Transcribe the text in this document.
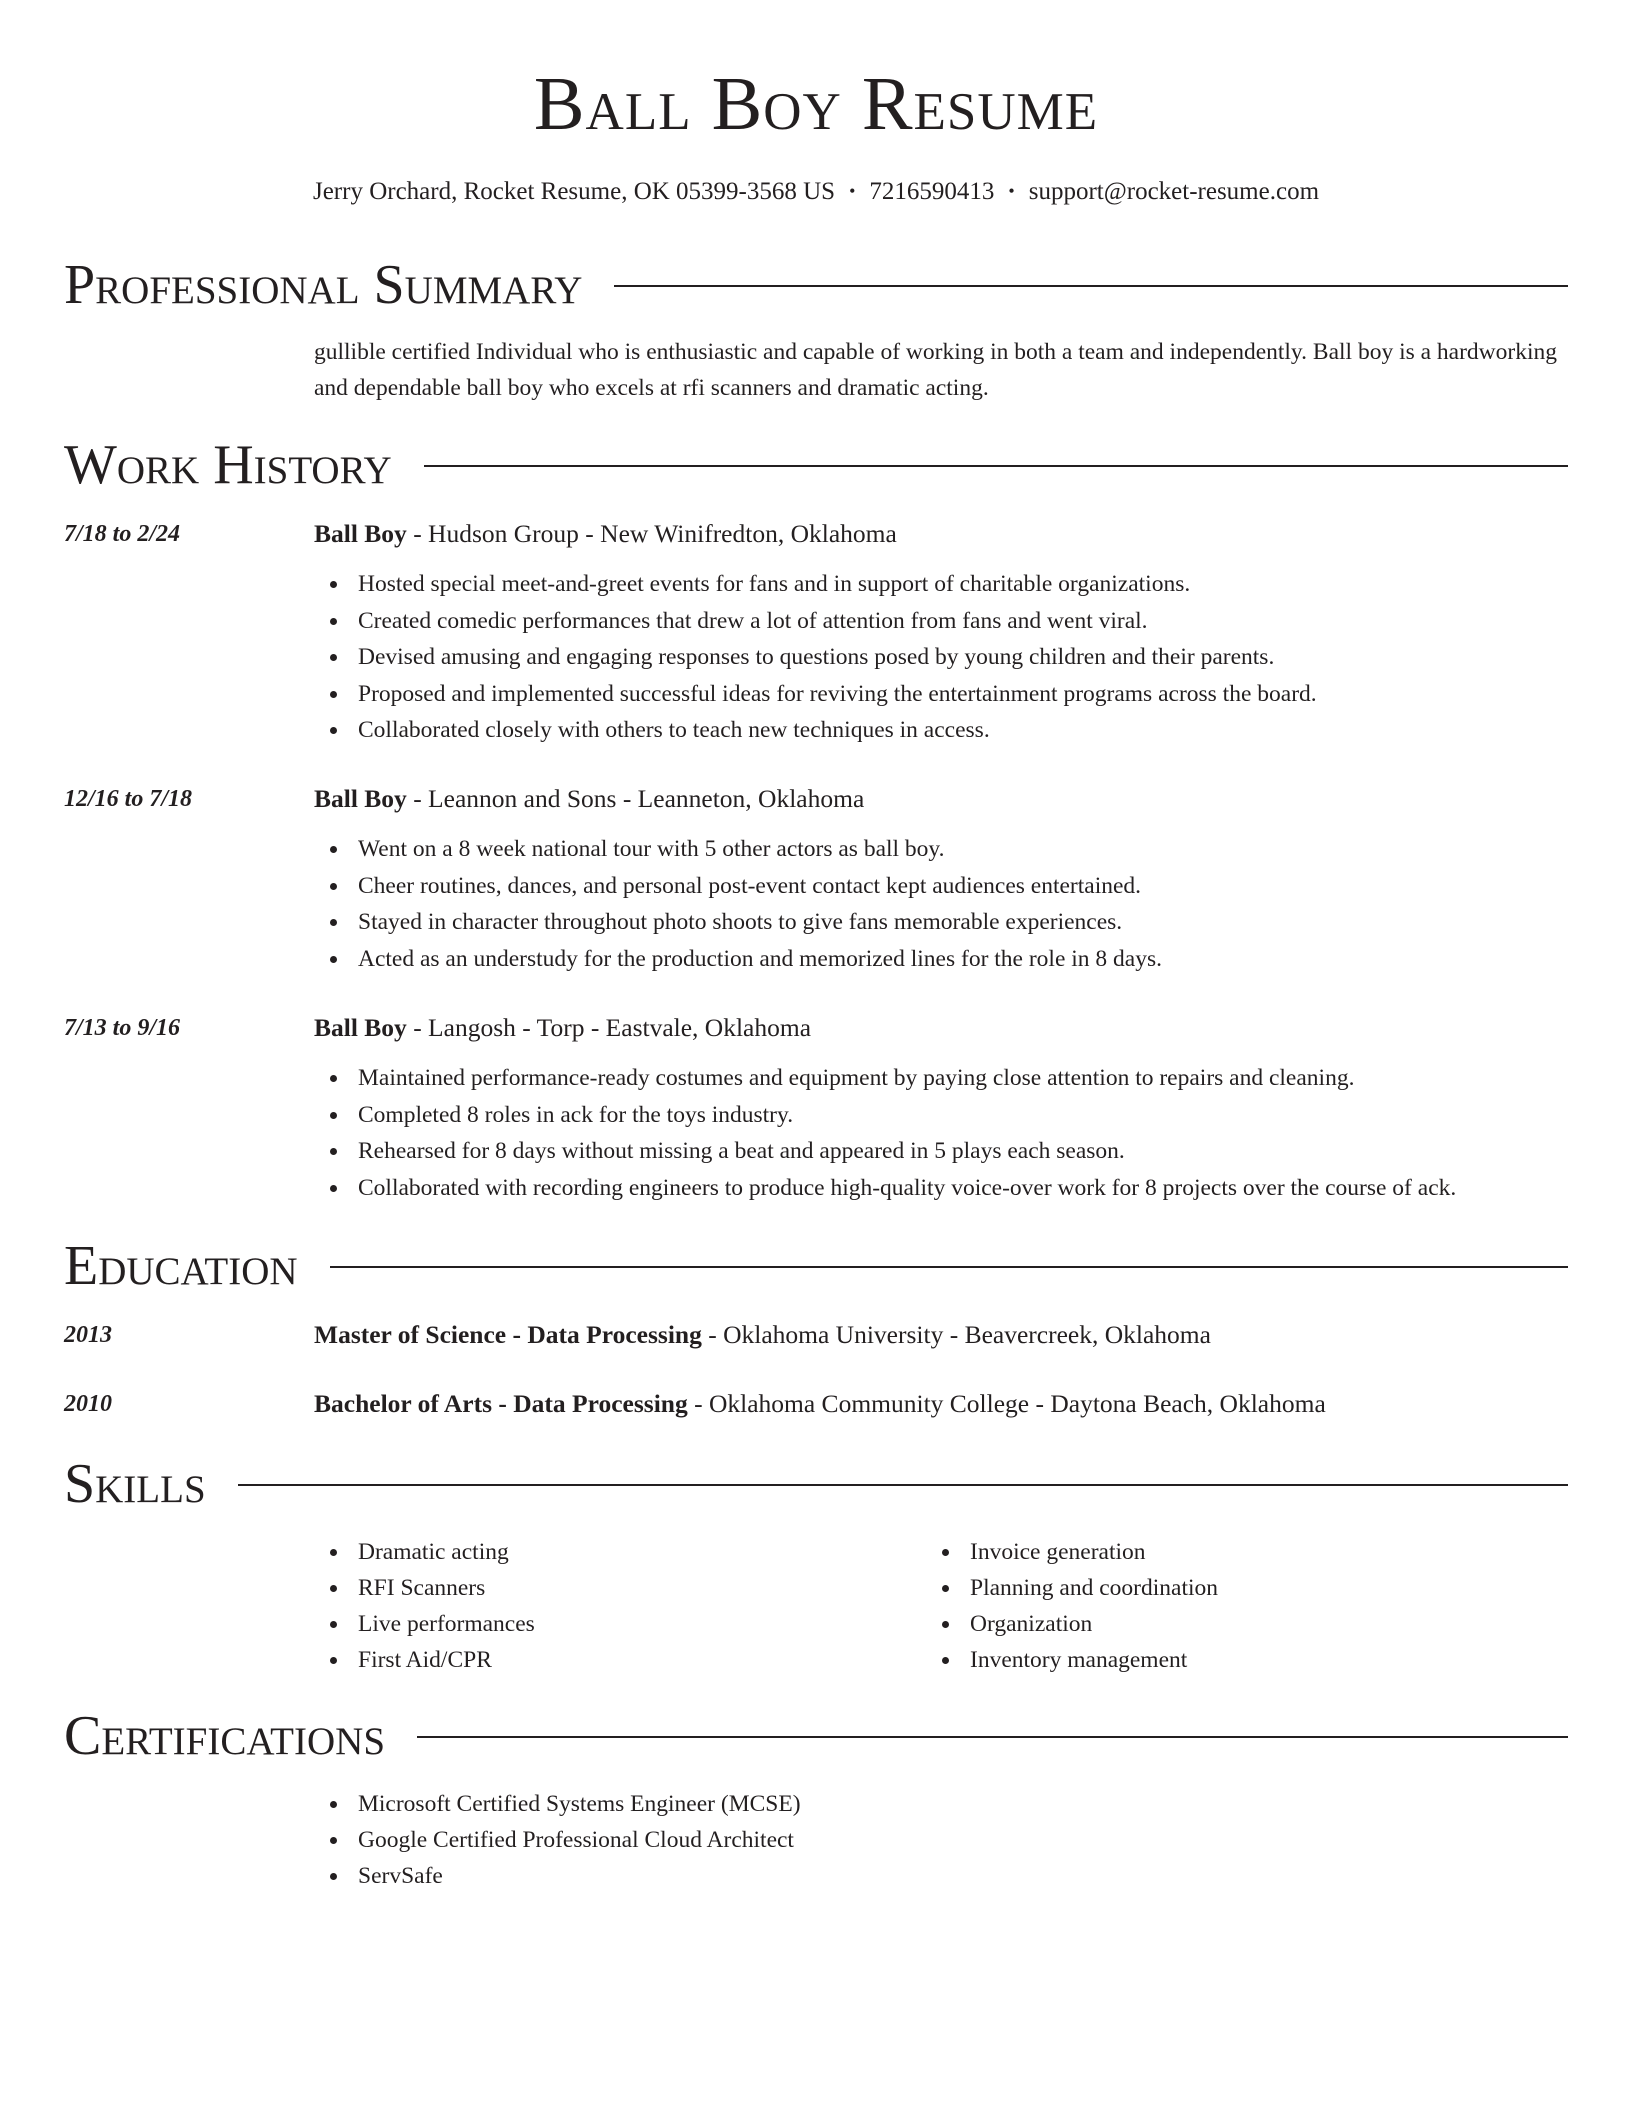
Ball Boy Resume
Jerry Orchard, Rocket Resume, OK 05399-3568 US • 7216590413 • support@rocket-resume.com
Professional Summary
gullible certified Individual who is enthusiastic and capable of working in both a team and independently. Ball boy is a hardworking and dependable ball boy who excels at rfi scanners and dramatic acting.
Work History
7/18 to 2/24	Ball Boy - Hudson Group - New Winifredton, Oklahoma
Hosted special meet-and-greet events for fans and in support of charitable organizations.
Created comedic performances that drew a lot of attention from fans and went viral.
Devised amusing and engaging responses to questions posed by young children and their parents.
Proposed and implemented successful ideas for reviving the entertainment programs across the board.
Collaborated closely with others to teach new techniques in access.
12/16 to 7/18	Ball Boy - Leannon and Sons - Leanneton, Oklahoma
Went on a 8 week national tour with 5 other actors as ball boy.
Cheer routines, dances, and personal post-event contact kept audiences entertained.
Stayed in character throughout photo shoots to give fans memorable experiences.
Acted as an understudy for the production and memorized lines for the role in 8 days.
7/13 to 9/16	Ball Boy - Langosh - Torp - Eastvale, Oklahoma
Maintained performance-ready costumes and equipment by paying close attention to repairs and cleaning.
Completed 8 roles in ack for the toys industry.
Rehearsed for 8 days without missing a beat and appeared in 5 plays each season.
Collaborated with recording engineers to produce high-quality voice-over work for 8 projects over the course of ack.
Education
2013	Master of Science - Data Processing - Oklahoma University - Beavercreek, Oklahoma
2010	Bachelor of Arts - Data Processing - Oklahoma Community College - Daytona Beach, Oklahoma
Skills
Dramatic acting
RFI Scanners
Live performances
First Aid/CPR
Invoice generation
Planning and coordination
Organization
Inventory management
Certifications
Microsoft Certified Systems Engineer (MCSE)
Google Certified Professional Cloud Architect
ServSafe
